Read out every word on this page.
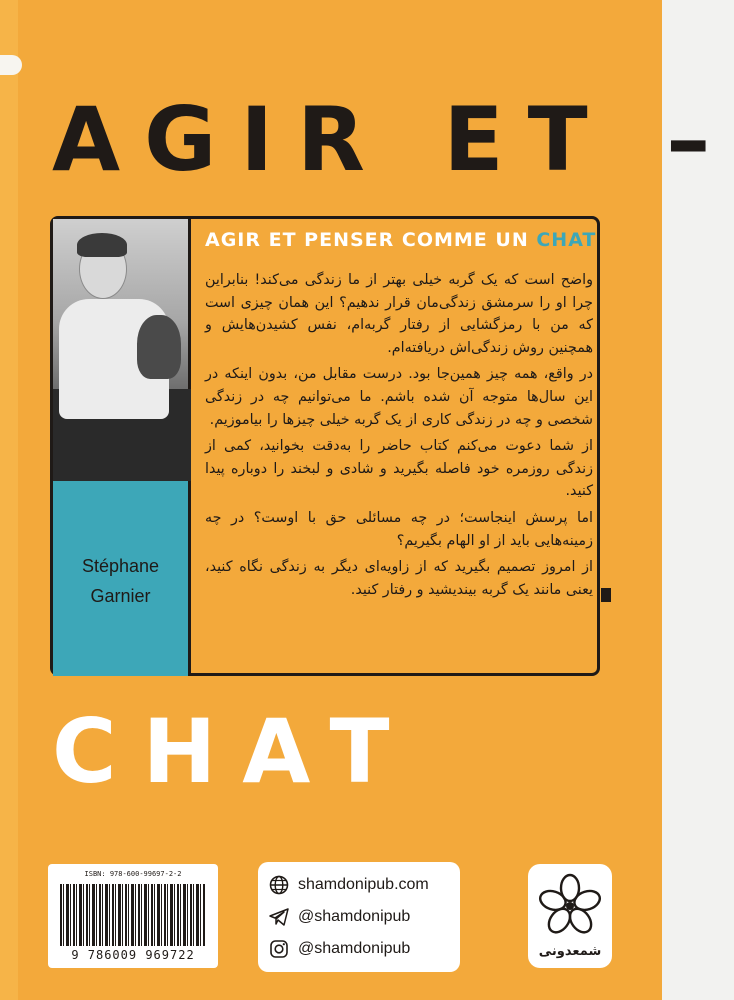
AGIR ET –
Stéphane
Garnier
AGIR ET PENSER COMME UN CHAT

واضح است که یک گربه خیلی بهتر از ما زندگی می‌کند! بنابراین چرا او را سرمشق زندگی‌مان قرار ندهیم؟ این همان چیزی است که من با رمزگشایی از رفتار گربه‌ام، نفس کشیدن‌هایش و همچنین روش زندگی‌اش دریافته‌ام.

در واقع، همه چیز همین‌جا بود. درست مقابل من، بدون اینکه در این سال‌ها متوجه آن شده باشم. ما می‌توانیم چه در زندگی شخصی و چه در زندگی کاری از یک گربه خیلی چیزها را بیاموزیم.

از شما دعوت می‌کنم کتاب حاضر را به‌دقت بخوانید، کمی از زندگی روزمره خود فاصله بگیرید و شادی و لبخند را دوباره پیدا کنید.

اما پرسش اینجاست؛ در چه مسائلی حق با اوست؟ در چه زمینه‌هایی باید از او الهام بگیریم؟

از امروز تصمیم بگیرید که از زاویه‌ای دیگر به زندگی نگاه کنید، یعنی مانند یک گربه بیندیشید و رفتار کنید.

CHAT
ISBN: 978-600-99697-2-2
9 786009 969722
shamdonipub.com
@shamdonipub
@shamdonipub	شمعدونی
